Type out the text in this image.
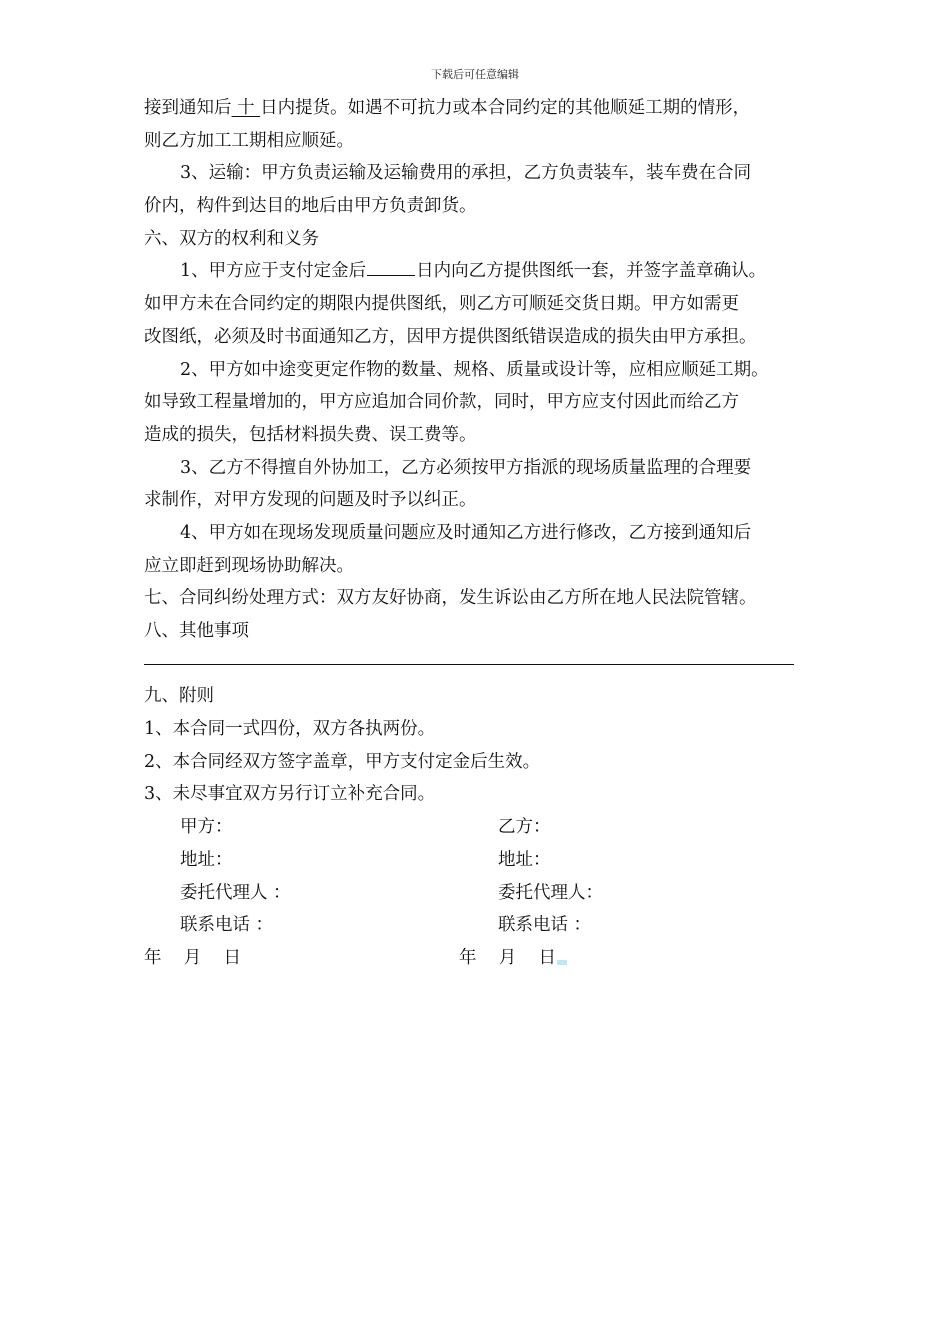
下载后可任意编辑
接到通知后 十 日内提货。如遇不可抗力或本合同约定的其他顺延工期的情形，
则乙方加工工期相应顺延。
3、运输：甲方负责运输及运输费用的承担，乙方负责装车，装车费在合同
价内，构件到达目的地后由甲方负责卸货。
六、双方的权利和义务
1、甲方应于支付定金后	日内向乙方提供图纸一套，并签字盖章确认。
如甲方未在合同约定的期限内提供图纸，则乙方可顺延交货日期。甲方如需更
改图纸，必须及时书面通知乙方，因甲方提供图纸错误造成的损失由甲方承担。
2、甲方如中途变更定作物的数量、规格、质量或设计等，应相应顺延工期。
如导致工程量增加的，甲方应追加合同价款，同时，甲方应支付因此而给乙方
造成的损失，包括材料损失费、误工费等。
3、乙方不得擅自外协加工，乙方必须按甲方指派的现场质量监理的合理要
求制作，对甲方发现的问题及时予以纠正。
4、甲方如在现场发现质量问题应及时通知乙方进行修改，乙方接到通知后
应立即赶到现场协助解决。
七、合同纠纷处理方式：双方友好协商，发生诉讼由乙方所在地人民法院管辖。
八、其他事项
九、附则
1、本合同一式四份，双方各执两份。
2、本合同经双方签字盖章，甲方支付定金后生效。
3、未尽事宜双方另行订立补充合同。
甲方：	乙方：
地址：	地址：
委托代理人 ：	委托代理人：
联系电话 ：	联系电话 ：
年    月    日	年    月    日
